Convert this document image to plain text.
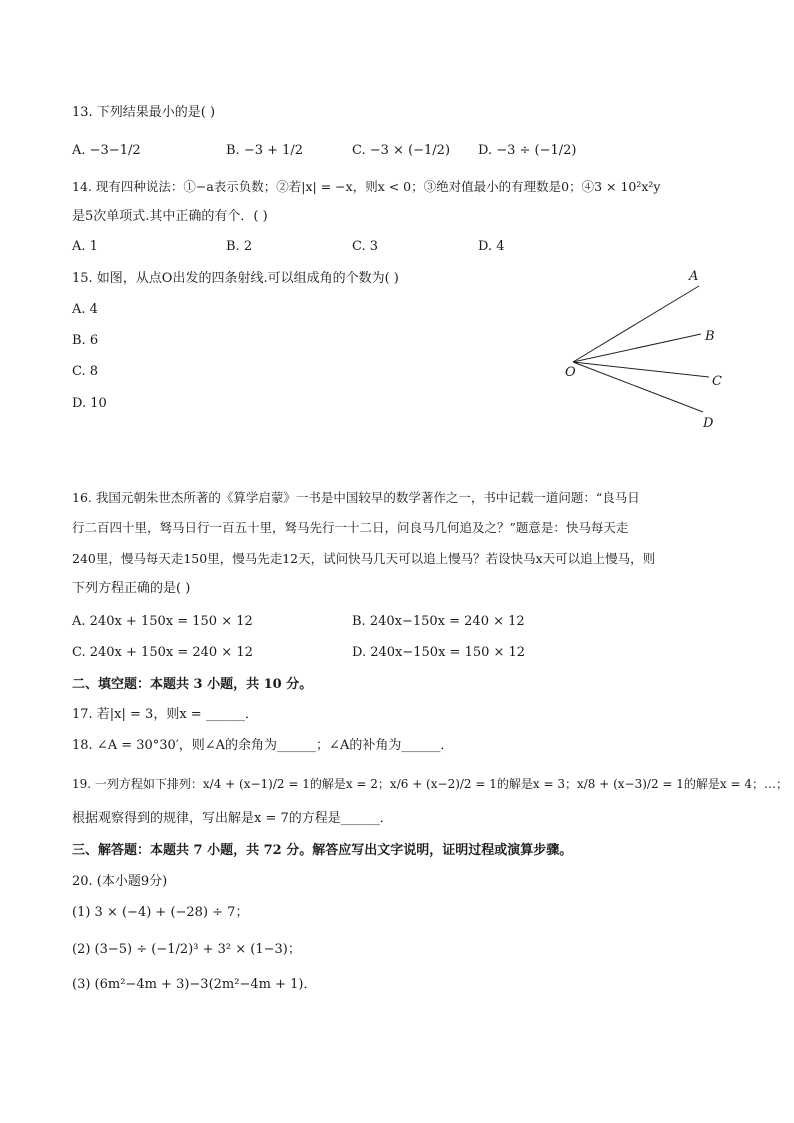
13. 下列结果最小的是( )
A. −3−1/2	B. −3 + 1/2	C. −3 × (−1/2) D. −3 ÷ (−1/2)
14. 现有四种说法：①−a表示负数；②若|x| = −x，则x < 0；③绝对值最小的有理数是0；④3 × 10²x²y
是5次单项式.其中正确的有个．( )
A. 1	B. 2	C. 3	D. 4
15. 如图，从点O出发的四条射线.可以组成角的个数为( )
A. 4
B. 6
C. 8
D. 10
A
B
C
D
O
16. 我国元朝朱世杰所著的《算学启蒙》一书是中国较早的数学著作之一，书中记载一道问题：“良马日
行二百四十里，驽马日行一百五十里，驽马先行一十二日，问良马几何追及之？”题意是：快马每天走
240里，慢马每天走150里，慢马先走12天，试问快马几天可以追上慢马？若设快马x天可以追上慢马，则
下列方程正确的是( )
A. 240x + 150x = 150 × 12	B. 240x−150x = 240 × 12
C. 240x + 150x = 240 × 12	D. 240x−150x = 150 × 12
二、填空题：本题共 3 小题，共 10 分。
17. 若|x| = 3，则x = ______．
18. ∠A = 30°30′，则∠A的余角为______；∠A的补角为______．
19. 一列方程如下排列：x/4 + (x−1)/2 = 1的解是x = 2；x/6 + (x−2)/2 = 1的解是x = 3；x/8 + (x−3)/2 = 1的解是x = 4；…；
根据观察得到的规律，写出解是x = 7的方程是______．
三、解答题：本题共 7 小题，共 72 分。解答应写出文字说明，证明过程或演算步骤。
20. (本小题9分)
(1) 3 × (−4) + (−28) ÷ 7；
(2) (3−5) ÷ (−1/2)³ + 3² × (1−3)；
(3) (6m²−4m + 3)−3(2m²−4m + 1)．
